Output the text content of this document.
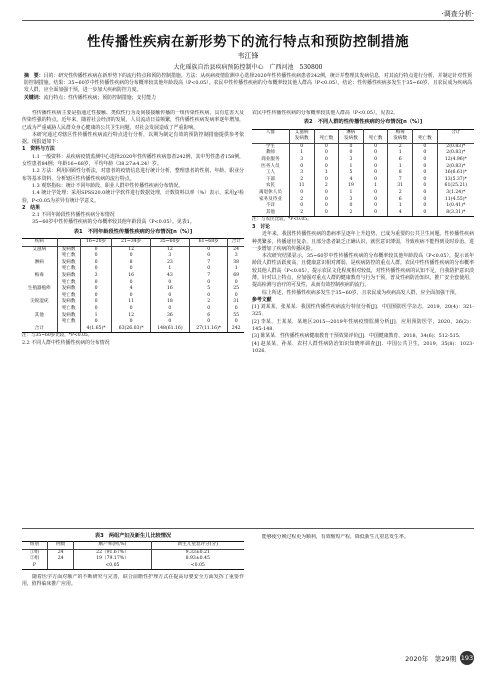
·调查分析·
性传播性疾病在新形势下的流行特点和预防控制措施
韦江锋
大化瑶族自治县疾病预防控制中心　广西河池　530800
摘　要：目的：研究性传播性疾病在新形势下的流行特点和预防控制措施。方法：从疾病疫情监测中心选择2020年性传播性疾病患者242例，统计并整理其发病信息，对其流行特点进行分析，并制定针对性预防控制措施。结果：35~60岁中性传播性疾病的分布概率较其他年龄段高（P<0.05）。农民中性传播性疾病的分布概率较其他人群高（P<0.05）。结论：性传播性疾病多发生于35~60岁，且农民成为疾病高发人群，应全面加强干预，进一步加大疾病防控力度。
关键词：流行特点；性传播性疾病；预防控制措施；支付能力

性传播性疾病主要是指通过性接触、类似性行为及间接接触传播的一组传染性疾病，具有危害大及传染性强的特点。近年来，随着社会经济的发展，人员流动日益频繁，性传播性疾病发病率逐年增加，已成为严重威胁人民群众身心健康的公共卫生问题，对社会发展造成了严重影响。

本研究通过对辖区性传播性疾病流行特点进行分析，以期为制定有效的预防控制措施提供参考依据。现报道如下：

1　资料与方法

1.1 一般资料：从疾病疫情监测中心选择2020年性传播性疾病患者242例，其中男性患者158例，女性患者84例；年龄16~68岁，平均年龄（38.27±4.24）岁。

1.2 方法：利用回顾性分析法，对患者的疫情信息进行统计分析，整理患者的性别、年龄、职业分布等基本资料，分析辖区性传播性疾病的流行特点。

1.3 观察指标：统计不同年龄段、职业人群中性传播性疾病分布情况。

1.4 统计学处理：采用SPSS20.0统计学软件进行数据处理，计数资料以率（%）表示，采用χ²检验，P<0.05为差异有统计学意义。

2　结果

2.1 不同年龄段性传播性疾病分布情况

35~60岁中性传播性疾病的分布概率较其他年龄段高（P<0.05）。见表1。

表1　不同年龄段性传播性疾病的分布情况[n（%）]
疾病		16~20岁	21~34岁	35~60岁	61~68岁	合计
艾滋病	发病数	0	12	12	0	24
	死亡数	0	0	3	0	3
淋病	发病数	0	8	23	7	38
	死亡数	0	0	1	0	1
梅毒	发病数	3	16	43	7	69
	死亡数	0	0	0	0	0
生殖器疱疹	发病数	0	4	16	5	25
	死亡数	0	0	0	0	0
尖锐湿疣	发病数	0	11	18	2	31
	死亡数	0	0	0	0	0
其他	发病数	1	12	36	6	55
	死亡数	0	0	0	0	0
合计		4(1.65)*	63(26.03)*	148(61.16)	27(11.16)*	242
注：与35~60岁比较，*P<0.05。

2.2 不同人群中性传播性疾病的分布情况

农民中性传播性疾病的分布概率较其他人群高（P<0.05）。见表2。

表2　不同人群的性传播性疾病的分布情况[n（%）]
人群	艾滋病		淋病		梅毒		合计
	发病数	死亡数	发病数	死亡数	发病数	死亡数	
学生	0	0	0	0	2	0	2(0.83)*
教师	1	0	0	0	1	0	2(0.83)*
商业服务	3	0	3	0	6	0	12(4.96)*
医务人员	0	0	1	0	1	0	2(0.83)*
工人	3	1	5	0	8	0	16(6.61)*
干部	2	0	4	0	7	0	13(5.37)*
农民	11	2	19	1	31	0	61(25.21)
离退休人员	0	0	1	0	2	0	3(1.24)*
家务及待业	2	0	3	0	6	0	11(4.55)*
不详	0	0	0	0	1	0	1(0.41)*
其他	2	0	2	0	4	0	8(3.31)*
注：与农民比较，*P<0.05。

3　讨论

近年来，我国性传播性疾病的患病率呈逐年上升趋势，已成为重要的公共卫生问题。性传播性疾病种类繁多，传播途径复杂，且部分患者缺乏正确认识，就医意识薄弱，导致疾病不能得到及时诊治，进一步增加了疾病的传播风险。

本次研究结果显示，35~60岁中性传播性疾病的分布概率较其他年龄段高（P<0.05）。提示该年龄段人群性活跃度高，且健康意识相对薄弱，是疾病防控的重点人群。农民中性传播性疾病的分布概率较其他人群高（P<0.05）。提示农民文化程度相对较低，对性传播性疾病的认知不足，自我防护意识淡薄。针对以上特点，应加强对重点人群的健康教育与行为干预，普及性病防治知识，推广安全套使用，提高检测与治疗的可及性，从而有效控制疾病的流行。

综上所述，性传播性疾病多发生于35~60岁，且农民成为疾病高发人群，应全面加强干预。

参考文献

[1] 刘某某，张某某．我国性传播性疾病流行特征分析[J]．中国预防医学杂志，2019，20(4)：321-325．

[2] 李某，王某某．某地区2015—2019年性病疫情监测分析[J]．应用预防医学，2020，26(2)：145-148．

[3] 陈某某．性传播性疾病健康教育干预效果评价[J]．中国健康教育，2018，34(6)：512-515．

[4] 赵某某，孙某．农村人群性病防治知识知晓率调查[J]．中国公共卫生，2019，35(8)：1023-1026．

表3　两组产妇及新生儿比较情况
组别	例数	顺产率(例,%)	新生儿窒息评分(分)
①组	24	22（91.67%）	9.33±0.21
②组	24	19（79.17%）	8.93±0.45
P		<0.05	<0.05

随着医学方面对顺产的不断研究与完善，联合前瞻性护理方式在提高母婴安全方面发挥了重要作用，值得临床推广应用。

能够使分娩过程更为顺利，有效缩短产程，降低新生儿窒息发生率。

2020年　第29期 193
